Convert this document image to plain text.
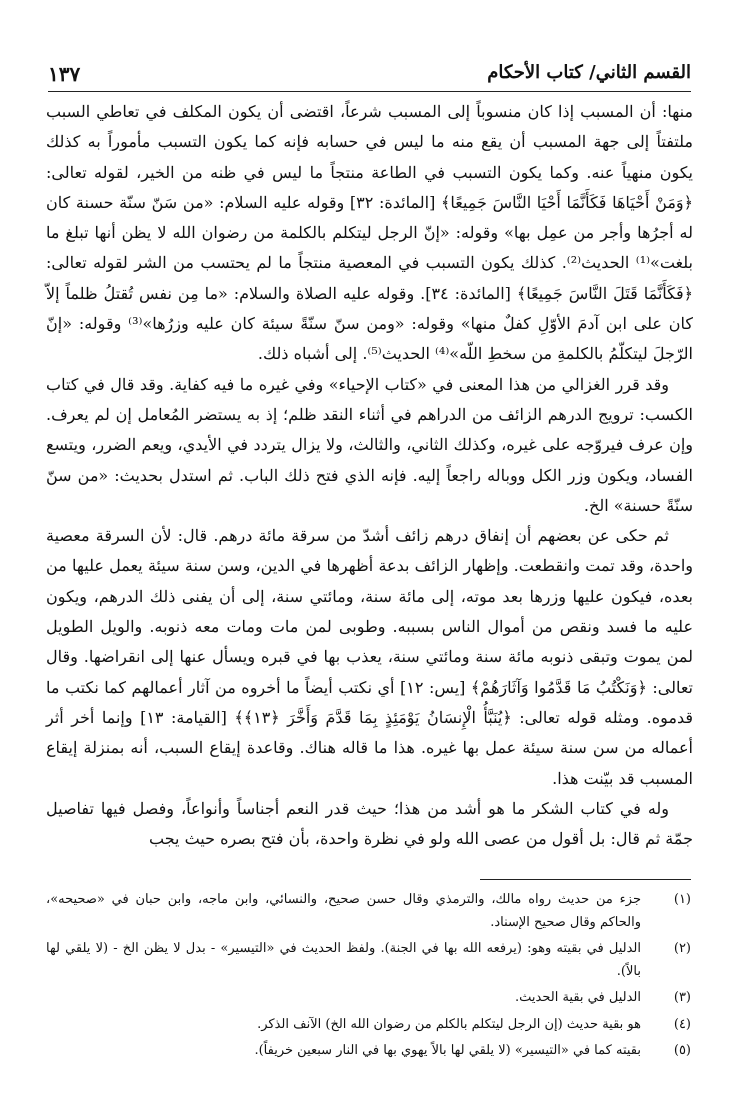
١٣٧	القسم الثاني/ كتاب الأحكام

منها: أن المسبب إذا كان منسوباً إلى المسبب شرعاً، اقتضى أن يكون المكلف في تعاطي السبب ملتفتاً إلى جهة المسبب أن يقع منه ما ليس في حسابه فإنه كما يكون التسبب مأموراً به كذلك يكون منهياً عنه. وكما يكون التسبب في الطاعة منتجاً ما ليس في ظنه من الخير، لقوله تعالى: ﴿وَمَنْ أَحْيَاهَا فَكَأَنَّمَا أَحْيَا النَّاسَ جَمِيعًا﴾ [المائدة: ٣٢] وقوله عليه السلام: «من سَنّ سنّة حسنة كان له أجرُها وأجر من عمِل بها» وقوله: «إنّ الرجل ليتكلم بالكلمة من رضوان الله لا يظن أنها تبلغ ما بلغت»⁽¹⁾ الحديث⁽²⁾. كذلك يكون التسبب في المعصية منتجاً ما لم يحتسب من الشر لقوله تعالى: ﴿فَكَأَنَّمَا قَتَلَ النَّاسَ جَمِيعًا﴾ [المائدة: ٣٤]. وقوله عليه الصلاة والسلام: «ما مِن نفس تُقتلُ ظلماً إلاّ كان على ابن آدمَ الأوّلِ كفلٌ منها» وقوله: «ومن سنّ سنّةً سيئة كان عليه وزرُها»⁽³⁾ وقوله: «إنّ الرّجلَ ليتكلّمُ بالكلمةِ من سخطِ اللّه»⁽⁴⁾ الحديث⁽⁵⁾. إلى أشباه ذلك.

وقد قرر الغزالي من هذا المعنى في «كتاب الإحياء» وفي غيره ما فيه كفاية. وقد قال في كتاب الكسب: ترويج الدرهم الزائف من الدراهم في أثناء النقد ظلم؛ إذ به يستضر المُعامل إن لم يعرف. وإن عرف فيروّجه على غيره، وكذلك الثاني، والثالث، ولا يزال يتردد في الأيدي، ويعم الضرر، ويتسع الفساد، ويكون وزر الكل ووباله راجعاً إليه. فإنه الذي فتح ذلك الباب. ثم استدل بحديث: «من سنّ سنّةً حسنة» الخ.

ثم حكى عن بعضهم أن إنفاق درهم زائف أشدّ من سرقة مائة درهم. قال: لأن السرقة معصية واحدة، وقد تمت وانقطعت. وإظهار الزائف بدعة أظهرها في الدين، وسن سنة سيئة يعمل عليها من بعده، فيكون عليها وزرها بعد موته، إلى مائة سنة، ومائتي سنة، إلى أن يفنى ذلك الدرهم، ويكون عليه ما فسد ونقص من أموال الناس بسببه. وطوبى لمن مات ومات معه ذنوبه. والويل الطويل لمن يموت وتبقى ذنوبه مائة سنة ومائتي سنة، يعذب بها في قبره ويسأل عنها إلى انقراضها. وقال تعالى: ﴿وَنَكْتُبُ مَا قَدَّمُوا وَآثَارَهُمْ﴾ [يس: ١٢] أي نكتب أيضاً ما أخروه من آثار أعمالهم كما نكتب ما قدموه. ومثله قوله تعالى: ﴿يُنَبَّأُ الْإِنسَانُ يَوْمَئِذٍ بِمَا قَدَّمَ وَأَخَّرَ ﴿١٣﴾﴾ [القيامة: ١٣] وإنما أخر أثر أعماله من سن سنة سيئة عمل بها غيره. هذا ما قاله هناك. وقاعدة إيقاع السبب، أنه بمنزلة إيقاع المسبب قد بيّنت هذا.

وله في كتاب الشكر ما هو أشد من هذا؛ حيث قدر النعم أجناساً وأنواعاً، وفصل فيها تفاصيل جمّة ثم قال: بل أقول من عصى الله ولو في نظرة واحدة، بأن فتح بصره حيث يجب

(١)
جزء من حديث رواه مالك، والترمذي وقال حسن صحيح، والنسائي، وابن ماجه، وابن حبان في «صحيحه»، والحاكم وقال صحيح الإسناد.
(٢)
الدليل في بقيته وهو: (يرفعه الله بها في الجنة). ولفظ الحديث في «التيسير» - بدل لا يظن الخ - (لا يلقي لها بالاً).
(٣)
الدليل في بقية الحديث.
(٤)
هو بقية حديث (إن الرجل ليتكلم بالكلم من رضوان الله الخ) الآنف الذكر.
(٥)
بقيته كما في «التيسير» (لا يلقي لها بالاً يهوي بها في النار سبعين خريفاً).
